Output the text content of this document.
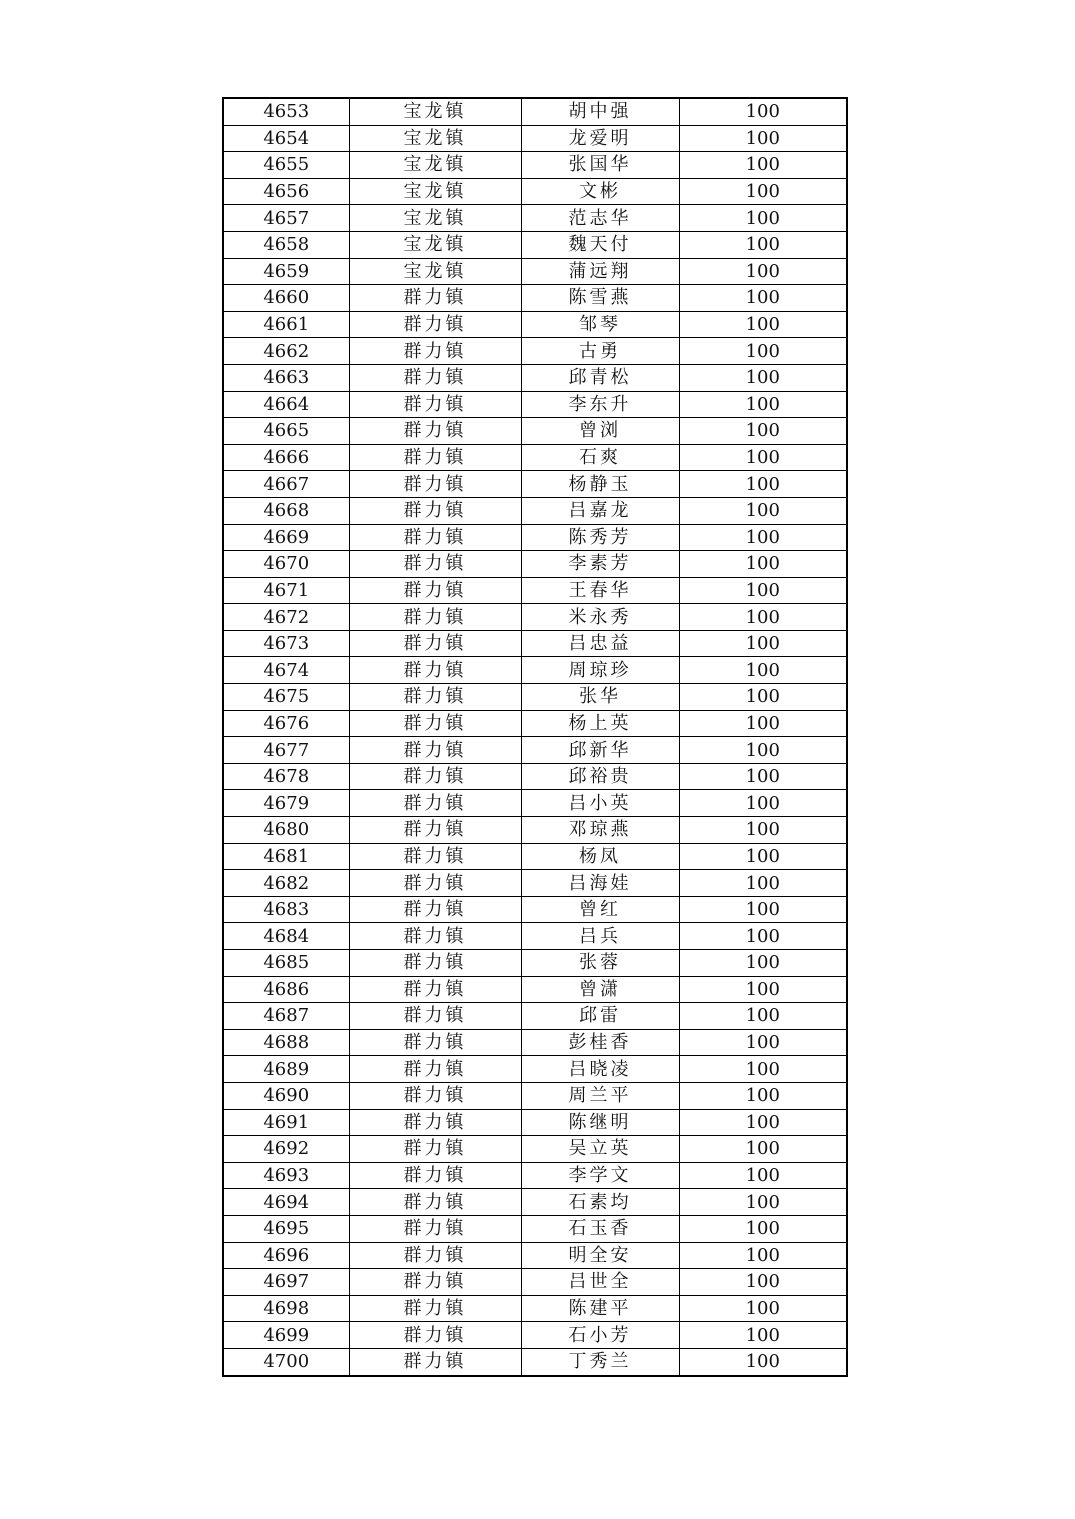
4653	宝龙镇	胡中强	100
4654	宝龙镇	龙爱明	100
4655	宝龙镇	张国华	100
4656	宝龙镇	文彬	100
4657	宝龙镇	范志华	100
4658	宝龙镇	魏天付	100
4659	宝龙镇	蒲远翔	100
4660	群力镇	陈雪燕	100
4661	群力镇	邹琴	100
4662	群力镇	古勇	100
4663	群力镇	邱青松	100
4664	群力镇	李东升	100
4665	群力镇	曾浏	100
4666	群力镇	石爽	100
4667	群力镇	杨静玉	100
4668	群力镇	吕嘉龙	100
4669	群力镇	陈秀芳	100
4670	群力镇	李素芳	100
4671	群力镇	王春华	100
4672	群力镇	米永秀	100
4673	群力镇	吕忠益	100
4674	群力镇	周琼珍	100
4675	群力镇	张华	100
4676	群力镇	杨上英	100
4677	群力镇	邱新华	100
4678	群力镇	邱裕贵	100
4679	群力镇	吕小英	100
4680	群力镇	邓琼燕	100
4681	群力镇	杨凤	100
4682	群力镇	吕海娃	100
4683	群力镇	曾红	100
4684	群力镇	吕兵	100
4685	群力镇	张蓉	100
4686	群力镇	曾潇	100
4687	群力镇	邱雷	100
4688	群力镇	彭桂香	100
4689	群力镇	吕晓凌	100
4690	群力镇	周兰平	100
4691	群力镇	陈继明	100
4692	群力镇	吴立英	100
4693	群力镇	李学文	100
4694	群力镇	石素均	100
4695	群力镇	石玉香	100
4696	群力镇	明全安	100
4697	群力镇	吕世全	100
4698	群力镇	陈建平	100
4699	群力镇	石小芳	100
4700	群力镇	丁秀兰	100
